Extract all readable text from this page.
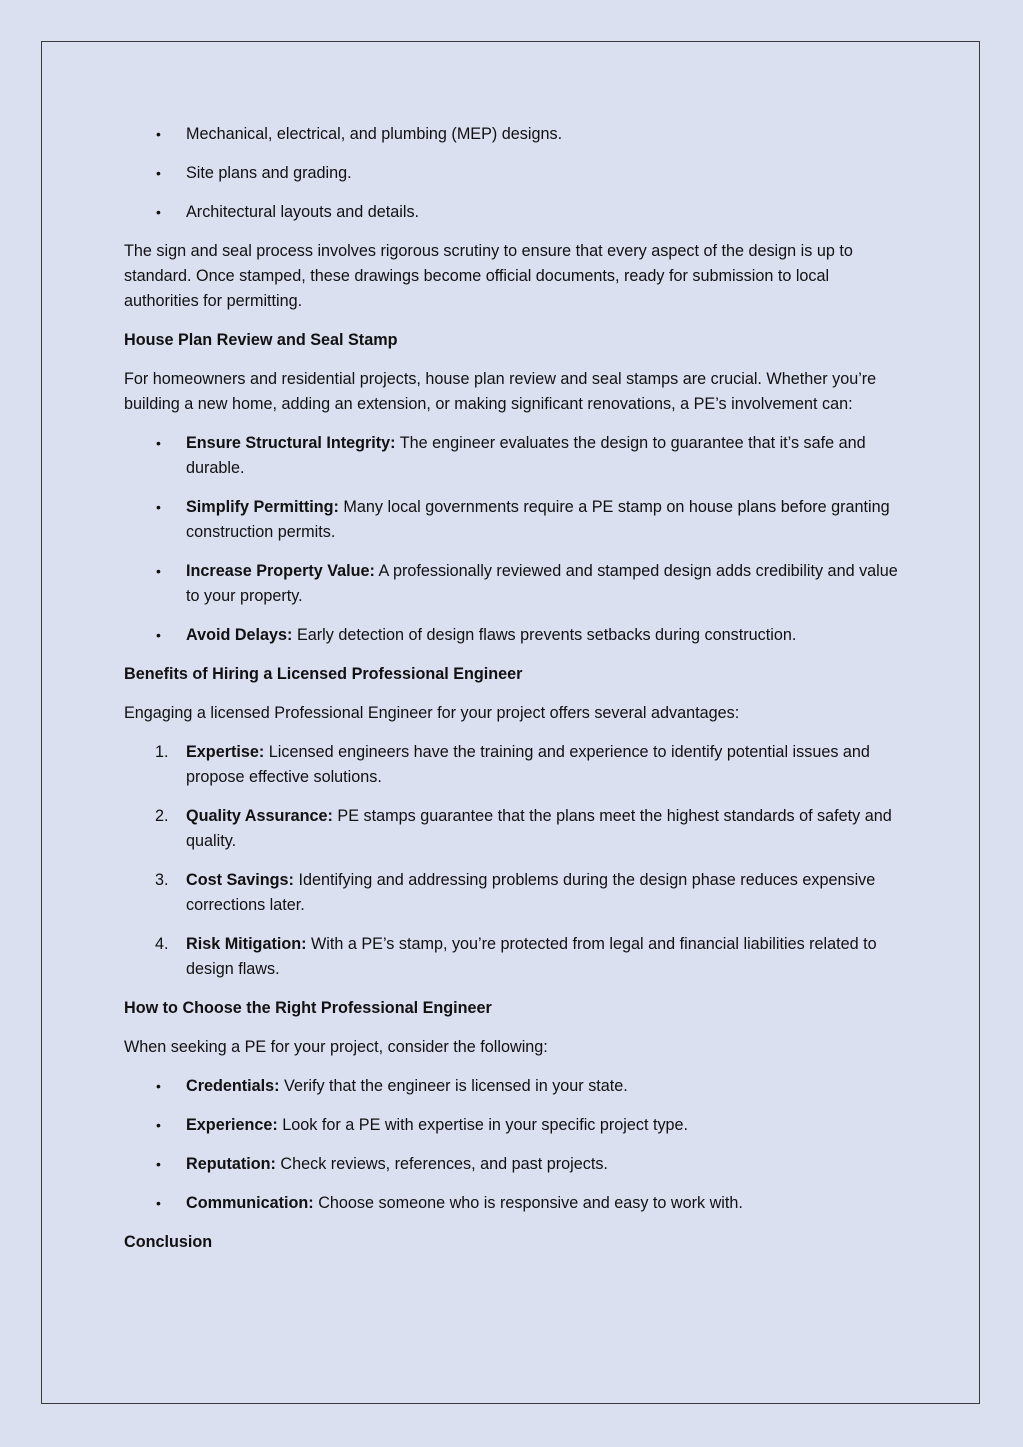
• Mechanical, electrical, and plumbing (MEP) designs.
• Site plans and grading.
• Architectural layouts and details.

The sign and seal process involves rigorous scrutiny to ensure that every aspect of the design is up to standard. Once stamped, these drawings become official documents, ready for submission to local authorities for permitting.

House Plan Review and Seal Stamp

For homeowners and residential projects, house plan review and seal stamps are crucial. Whether you’re building a new home, adding an extension, or making significant renovations, a PE’s involvement can:

• Ensure Structural Integrity: The engineer evaluates the design to guarantee that it’s safe and durable.
• Simplify Permitting: Many local governments require a PE stamp on house plans before granting construction permits.
• Increase Property Value: A professionally reviewed and stamped design adds credibility and value to your property.
• Avoid Delays: Early detection of design flaws prevents setbacks during construction.
Benefits of Hiring a Licensed Professional Engineer

Engaging a licensed Professional Engineer for your project offers several advantages:

1. Expertise: Licensed engineers have the training and experience to identify potential issues and propose effective solutions.
2. Quality Assurance: PE stamps guarantee that the plans meet the highest standards of safety and quality.
3. Cost Savings: Identifying and addressing problems during the design phase reduces expensive corrections later.
4. Risk Mitigation: With a PE’s stamp, you’re protected from legal and financial liabilities related to design flaws.
How to Choose the Right Professional Engineer

When seeking a PE for your project, consider the following:

• Credentials: Verify that the engineer is licensed in your state.
• Experience: Look for a PE with expertise in your specific project type.
• Reputation: Check reviews, references, and past projects.
• Communication: Choose someone who is responsive and easy to work with.
Conclusion
